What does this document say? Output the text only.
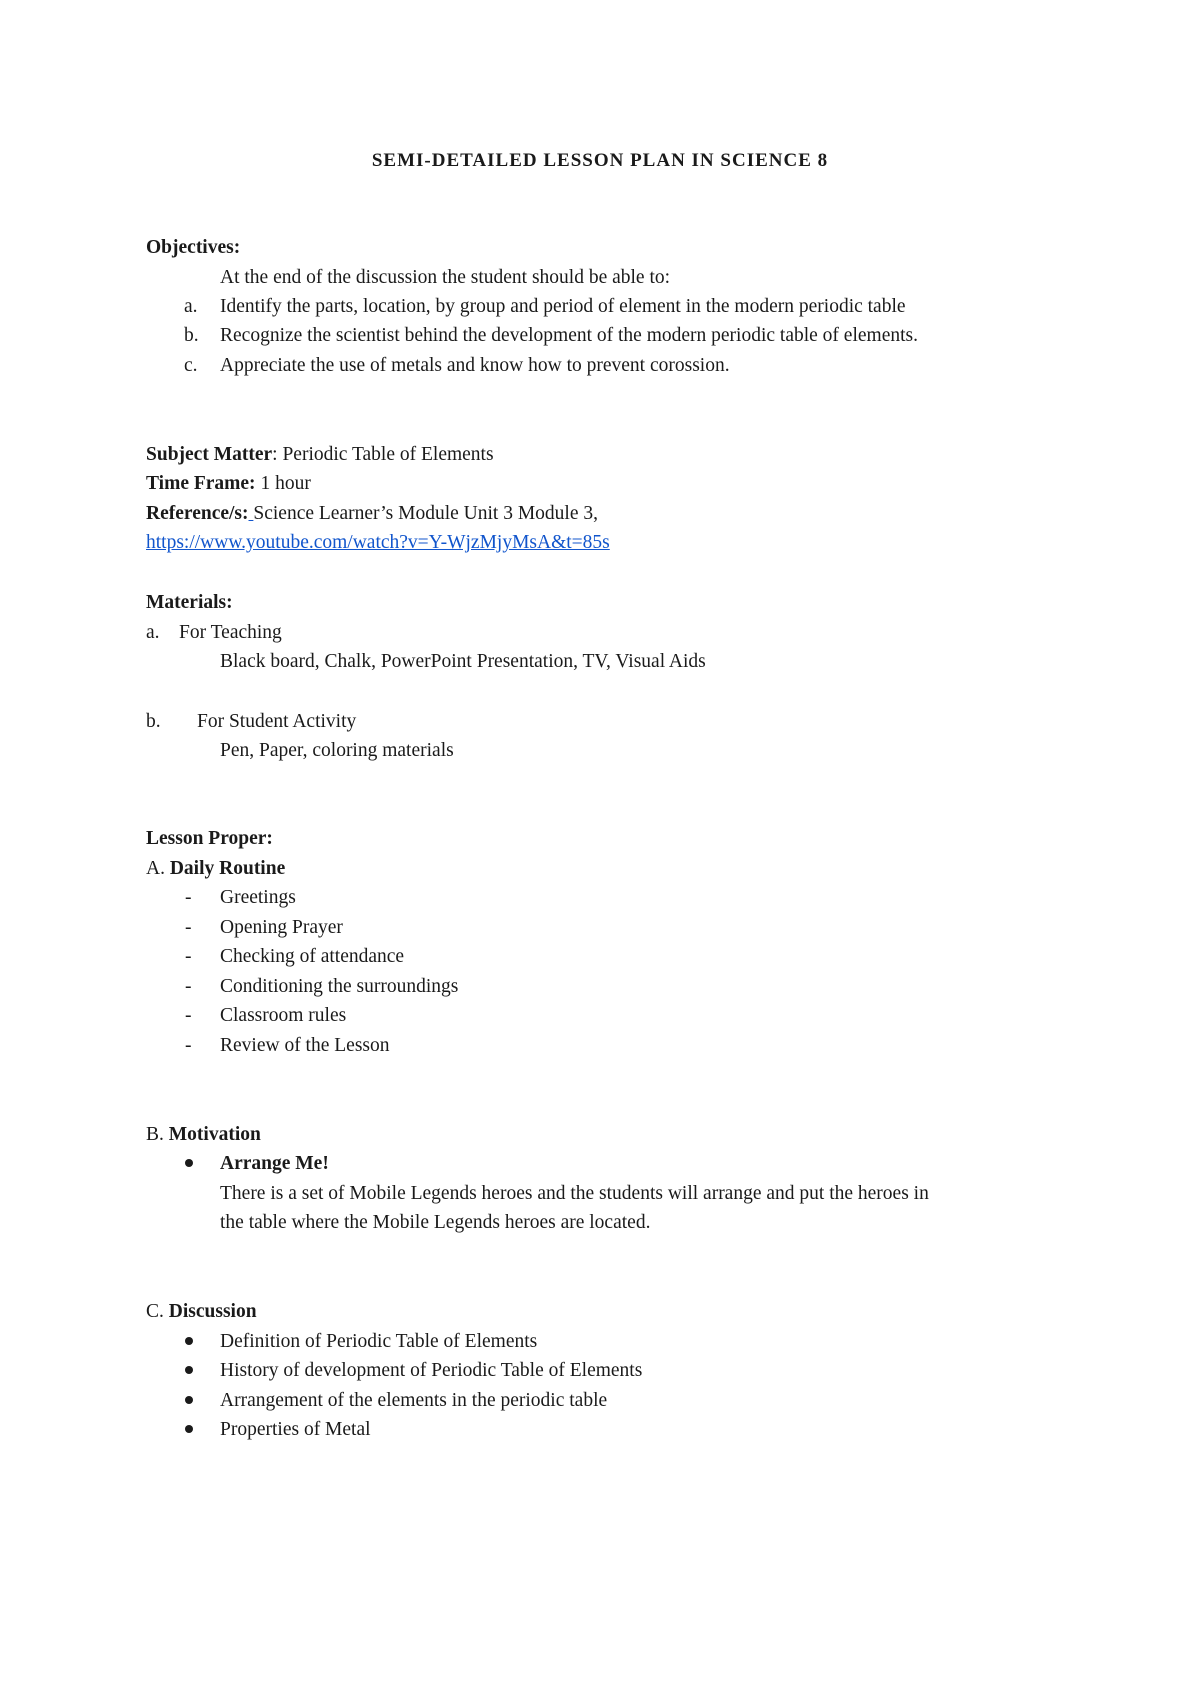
SEMI-DETAILED LESSON PLAN IN SCIENCE 8
Objectives:
At the end of the discussion the student should be able to:
a. Identify the parts, location, by group and period of element in the modern periodic table
b. Recognize the scientist behind the development of the modern periodic table of elements.
c. Appreciate the use of metals and know how to prevent corossion.
Subject Matter: Periodic Table of Elements
Time Frame: 1 hour
Reference/s: Science Learner’s Module Unit 3 Module 3,
https://www.youtube.com/watch?v=Y-WjzMjyMsA&t=85s
Materials:
a. For Teaching
Black board, Chalk, PowerPoint Presentation, TV, Visual Aids
b. For Student Activity
Pen, Paper, coloring materials
Lesson Proper:
A. Daily Routine
- Greetings
- Opening Prayer
- Checking of attendance
- Conditioning the surroundings
- Classroom rules
- Review of the Lesson
B. Motivation
Arrange Me!
There is a set of Mobile Legends heroes and the students will arrange and put the heroes in
the table where the Mobile Legends heroes are located.
C. Discussion
Definition of Periodic Table of Elements
History of development of Periodic Table of Elements
Arrangement of the elements in the periodic table
Properties of Metal
